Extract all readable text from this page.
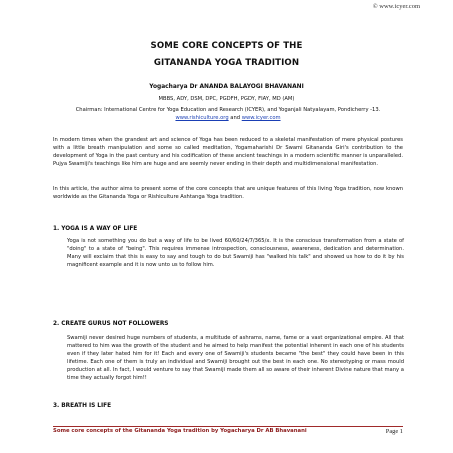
© www.icyer.com
SOME CORE CONCEPTS OF THE
GITANANDA YOGA TRADITION
Yogacharya Dr ANANDA BALAYOGI BHAVANANI
MBBS, ADY, DSM, DPC, PGDFH, PGDY, FIAY, MD (AM)
Chairman: International Centre for Yoga Education and Research (ICYER), and Yoganjali Natyalayam, Pondicherry -13. www.rishiculture.org and www.icyer.com
In modern times when the grandest art and science of Yoga has been reduced to a skeletal manifestation of mere physical postures with a little breath manipulation and some so called meditation, Yogamaharishi Dr Swami Gitananda Giri's contribution to the development of Yoga in the past century and his codification of these ancient teachings in a modern scientific manner is unparalleled. Pujya Swamiji's teachings like him are huge and are seemly never ending in their depth and multidimensional manifestation.
In this article, the author aims to present some of the core concepts that are unique features of this living Yoga tradition, now known worldwide as the Gitananda Yoga or Rishiculture Ashtanga Yoga tradition.
1. YOGA IS A WAY OF LIFE
Yoga is not something you do but a way of life to be lived 60/60/24/7/365/x. It is the conscious transformation from a state of "doing" to a state of "being". This requires immense introspection, consciousness, awareness, dedication and determination. Many will exclaim that this is easy to say and tough to do but Swamiji has "walked his talk" and showed us how to do it by his magnificent example and it is now unto us to follow him.
2. CREATE GURUS NOT FOLLOWERS
Swamiji never desired huge numbers of students, a multitude of ashrams, name, fame or a vast organizational empire. All that mattered to him was the growth of the student and he aimed to help manifest the potential inherent in each one of his students even if they later hated him for it! Each and every one of Swamiji's students became "the best" they could have been in this lifetime. Each one of them is truly an individual and Swamiji brought out the best in each one. No stereotyping or mass mould production at all. In fact, I would venture to say that Swamiji made them all so aware of their inherent Divine nature that many a time they actually forgot him!!
3. BREATH IS LIFE
Some core concepts of the Gitananda Yoga tradition by Yogacharya Dr AB Bhavanani	Page 1
